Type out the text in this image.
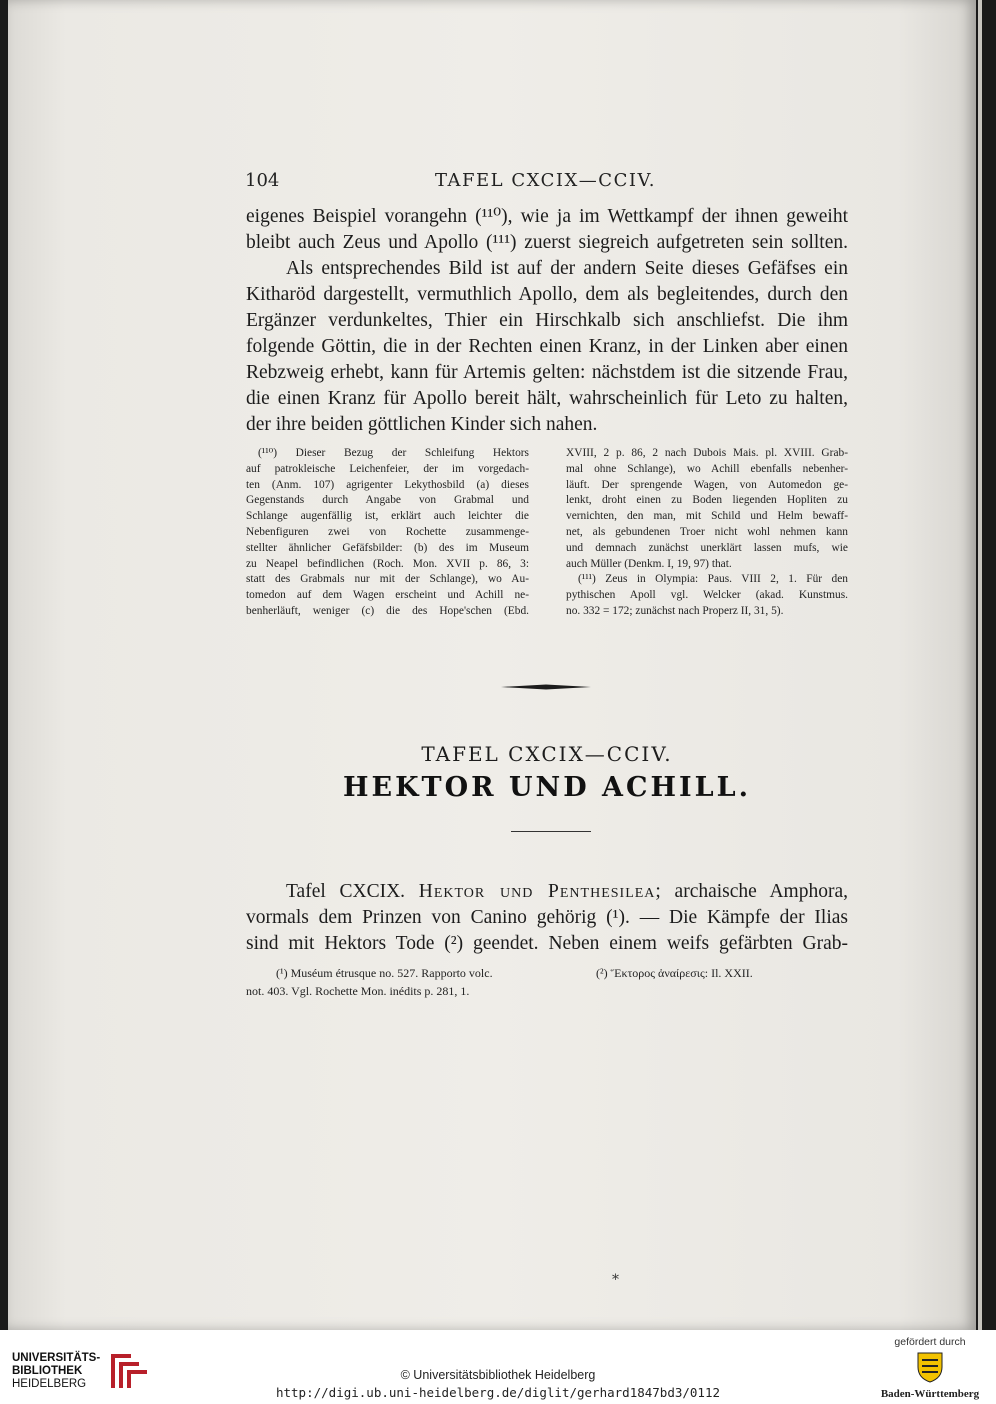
104	TAFEL CXCIX—CCIV.
eigenes Beispiel vorangehn (¹¹⁰), wie ja im Wettkampf der ihnen geweiht
bleibt auch Zeus und Apollo (¹¹¹) zuerst siegreich aufgetreten sein sollten.
Als entsprechendes Bild ist auf der andern Seite dieses Gefäfses ein
Kitharöd dargestellt, vermuthlich Apollo, dem als begleitendes, durch den
Ergänzer verdunkeltes, Thier ein Hirschkalb sich anschliefst. Die ihm
folgende Göttin, die in der Rechten einen Kranz, in der Linken aber einen
Rebzweig erhebt, kann für Artemis gelten: nächstdem ist die sitzende Frau,
die einen Kranz für Apollo bereit hält, wahrscheinlich für Leto zu halten,
der ihre beiden göttlichen Kinder sich nahen.
(¹¹⁰) Dieser Bezug der Schleifung Hektors
auf patrokleische Leichenfeier, der im vorgedach-
ten (Anm. 107) agrigenter Lekythosbild (a) dieses
Gegenstands durch Angabe von Grabmal und
Schlange augenfällig ist, erklärt auch leichter die
Nebenfiguren zwei von Rochette zusammenge-
stellter ähnlicher Gefäfsbilder: (b) des im Museum
zu Neapel befindlichen (Roch. Mon. XVII p. 86, 3:
statt des Grabmals nur mit der Schlange), wo Au-
tomedon auf dem Wagen erscheint und Achill ne-
benherläuft, weniger (c) die des Hope'schen (Ebd.
XVIII, 2 p. 86, 2 nach Dubois Mais. pl. XVIII. Grab-
mal ohne Schlange), wo Achill ebenfalls nebenher-
läuft. Der sprengende Wagen, von Automedon ge-
lenkt, droht einen zu Boden liegenden Hopliten zu
vernichten, den man, mit Schild und Helm bewaff-
net, als gebundenen Troer nicht wohl nehmen kann
und demnach zunächst unerklärt lassen mufs, wie
auch Müller (Denkm. I, 19, 97) that.
(¹¹¹) Zeus in Olympia: Paus. VIII 2, 1. Für den
pythischen Apoll vgl. Welcker (akad. Kunstmus.
no. 332 = 172; zunächst nach Properz II, 31, 5).
TAFEL CXCIX—CCIV.
HEKTOR UND ACHILL.
Tafel CXCIX. Hektor und Penthesilea; archaische Amphora,
vormals dem Prinzen von Canino gehörig (¹). — Die Kämpfe der Ilias
sind mit Hektors Tode (²) geendet. Neben einem weifs gefärbten Grab-
(¹) Muséum étrusque no. 527. Rapporto volc.	(²) Ἕκτορος ἀναίρεσις: Il. XXII.
not. 403. Vgl. Rochette Mon. inédits p. 281, 1.
*
UNIVERSITÄTS-
BIBLIOTHEK
HEIDELBERG
© Universitätsbibliothek Heidelberg
http://digi.ub.uni-heidelberg.de/diglit/gerhard1847bd3/0112
gefördert durch
Baden-Württemberg
